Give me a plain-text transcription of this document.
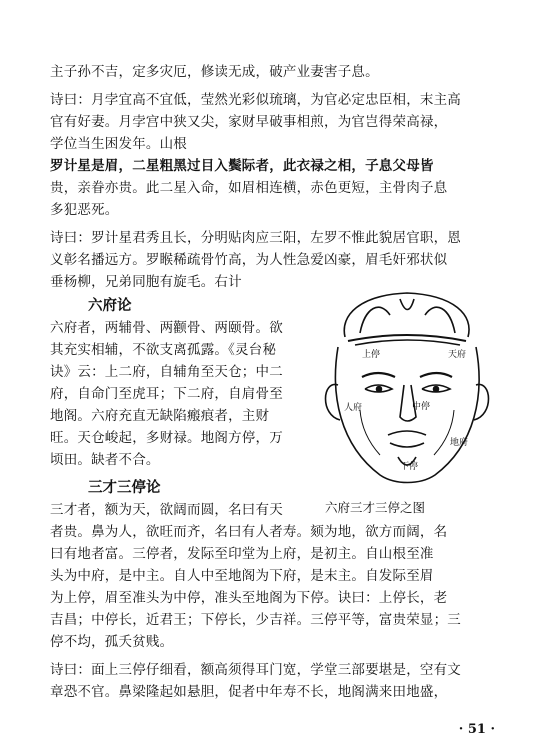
主子孙不吉，定多灾厄，修读无成，破产业妻害子息。
诗曰：月孛宜高不宜低，莹然光彩似琉璃，为官必定忠臣相，末主高
官有好妻。月孛宫中狭又尖，家财早破事相煎，为官岂得荣高禄，
学位当生困发年。山根
罗计星是眉，二星粗黑过目入鬓际者，此衣禄之相，子息父母皆
贵，亲眷亦贵。此二星入命，如眉相连横，赤色更短，主骨肉子息
多犯恶死。
诗曰：罗计星君秀且长，分明贴肉应三阳，左罗不惟此貌居官职，恩
义彰名播远方。罗睺稀疏骨竹高，为人性急爱凶豪，眉毛奸邪状似
垂杨柳，兄弟同胞有旋毛。右计
六府论
六府者，两辅骨、两颧骨、两颐骨。欲
其充实相辅，不欲支离孤露。《灵台秘
诀》云：上二府，自辅角至天仓；中二
府，自命门至虎耳；下二府，自肩骨至
地阁。六府充直无缺陷瘢痕者，主财
旺。天仓峻起，多财禄。地阁方停，万
顷田。缺者不合。
三才三停论
三才者，额为天，欲阔而圆，名曰有天
者贵。鼻为人，欲旺而齐，名曰有人者寿。颏为地，欲方而阔，名
曰有地者富。三停者，发际至印堂为上府，是初主。自山根至准
头为中府，是中主。自人中至地阁为下府，是末主。自发际至眉
为上停，眉至准头为中停，准头至地阁为下停。诀曰：上停长，老
吉昌；中停长，近君王；下停长，少吉祥。三停平等，富贵荣显；三
停不均，孤夭贫贱。
诗曰：面上三停仔细看，额高须得耳门宽，学堂三部要堪是，空有文
章恐不官。鼻梁隆起如悬胆，促者中年寿不长，地阁满来田地盛，
上停	天府
中停
人府
下停
地府
六府三才三停之图
· 51 ·
